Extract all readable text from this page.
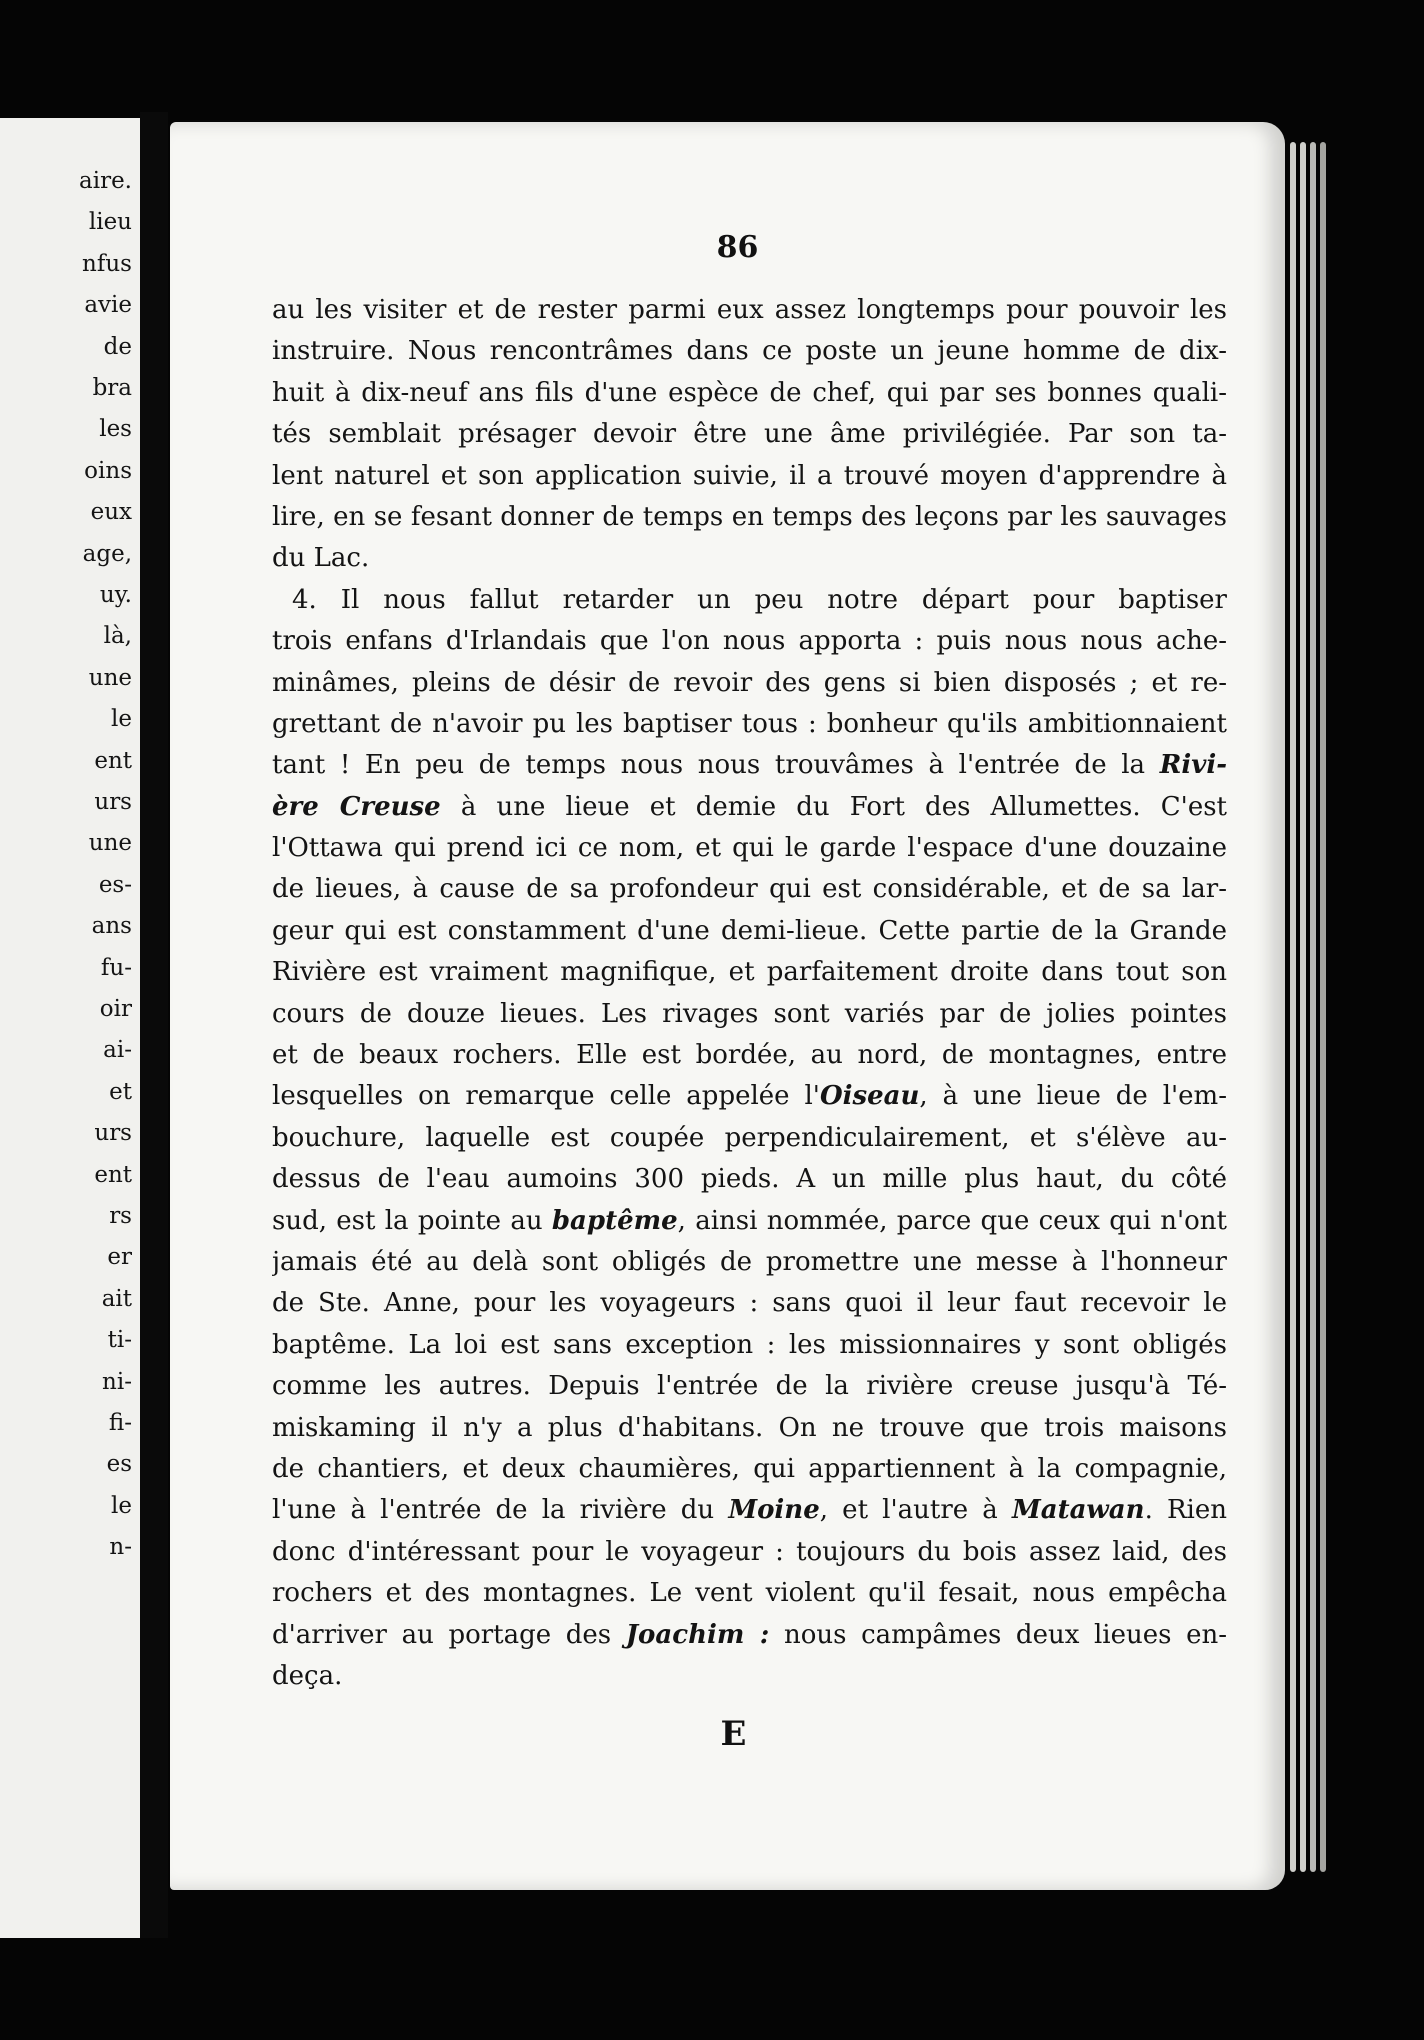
aire.
lieu
nfus
avie
de
bra
les
oins
eux
age,
uy.
là,
une
le
ent
urs
une
es-
ans
fu-
oir
ai-
et
urs
ent
rs
er
ait
ti-
ni-
fi-
es
le
n-
86
au les visiter et de rester parmi eux assez longtemps pour pouvoir les
instruire. Nous rencontrâmes dans ce poste un jeune homme de dix-
huit à dix-neuf ans fils d'une espèce de chef, qui par ses bonnes quali-
tés semblait présager devoir être une âme privilégiée. Par son ta-
lent naturel et son application suivie, il a trouvé moyen d'apprendre à
lire, en se fesant donner de temps en temps des leçons par les sauvages
du Lac.
4. Il nous fallut retarder un peu notre départ pour baptiser
trois enfans d'Irlandais que l'on nous apporta : puis nous nous ache-
minâmes, pleins de désir de revoir des gens si bien disposés ; et re-
grettant de n'avoir pu les baptiser tous : bonheur qu'ils ambitionnaient
tant ! En peu de temps nous nous trouvâmes à l'entrée de la Rivi-
ère Creuse à une lieue et demie du Fort des Allumettes. C'est
l'Ottawa qui prend ici ce nom, et qui le garde l'espace d'une douzaine
de lieues, à cause de sa profondeur qui est considérable, et de sa lar-
geur qui est constamment d'une demi-lieue. Cette partie de la Grande
Rivière est vraiment magnifique, et parfaitement droite dans tout son
cours de douze lieues. Les rivages sont variés par de jolies pointes
et de beaux rochers. Elle est bordée, au nord, de montagnes, entre
lesquelles on remarque celle appelée l'Oiseau, à une lieue de l'em-
bouchure, laquelle est coupée perpendiculairement, et s'élève au-
dessus de l'eau aumoins 300 pieds. A un mille plus haut, du côté
sud, est la pointe au baptême, ainsi nommée, parce que ceux qui n'ont
jamais été au delà sont obligés de promettre une messe à l'honneur
de Ste. Anne, pour les voyageurs : sans quoi il leur faut recevoir le
baptême. La loi est sans exception : les missionnaires y sont obligés
comme les autres. Depuis l'entrée de la rivière creuse jusqu'à Té-
miskaming il n'y a plus d'habitans. On ne trouve que trois maisons
de chantiers, et deux chaumières, qui appartiennent à la compagnie,
l'une à l'entrée de la rivière du Moine, et l'autre à Matawan. Rien
donc d'intéressant pour le voyageur : toujours du bois assez laid, des
rochers et des montagnes. Le vent violent qu'il fesait, nous empêcha
d'arriver au portage des Joachim : nous campâmes deux lieues en-
deça.
E
